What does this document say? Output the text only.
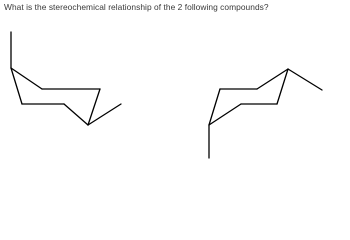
What is the stereochemical relationship of the 2 following compounds?
